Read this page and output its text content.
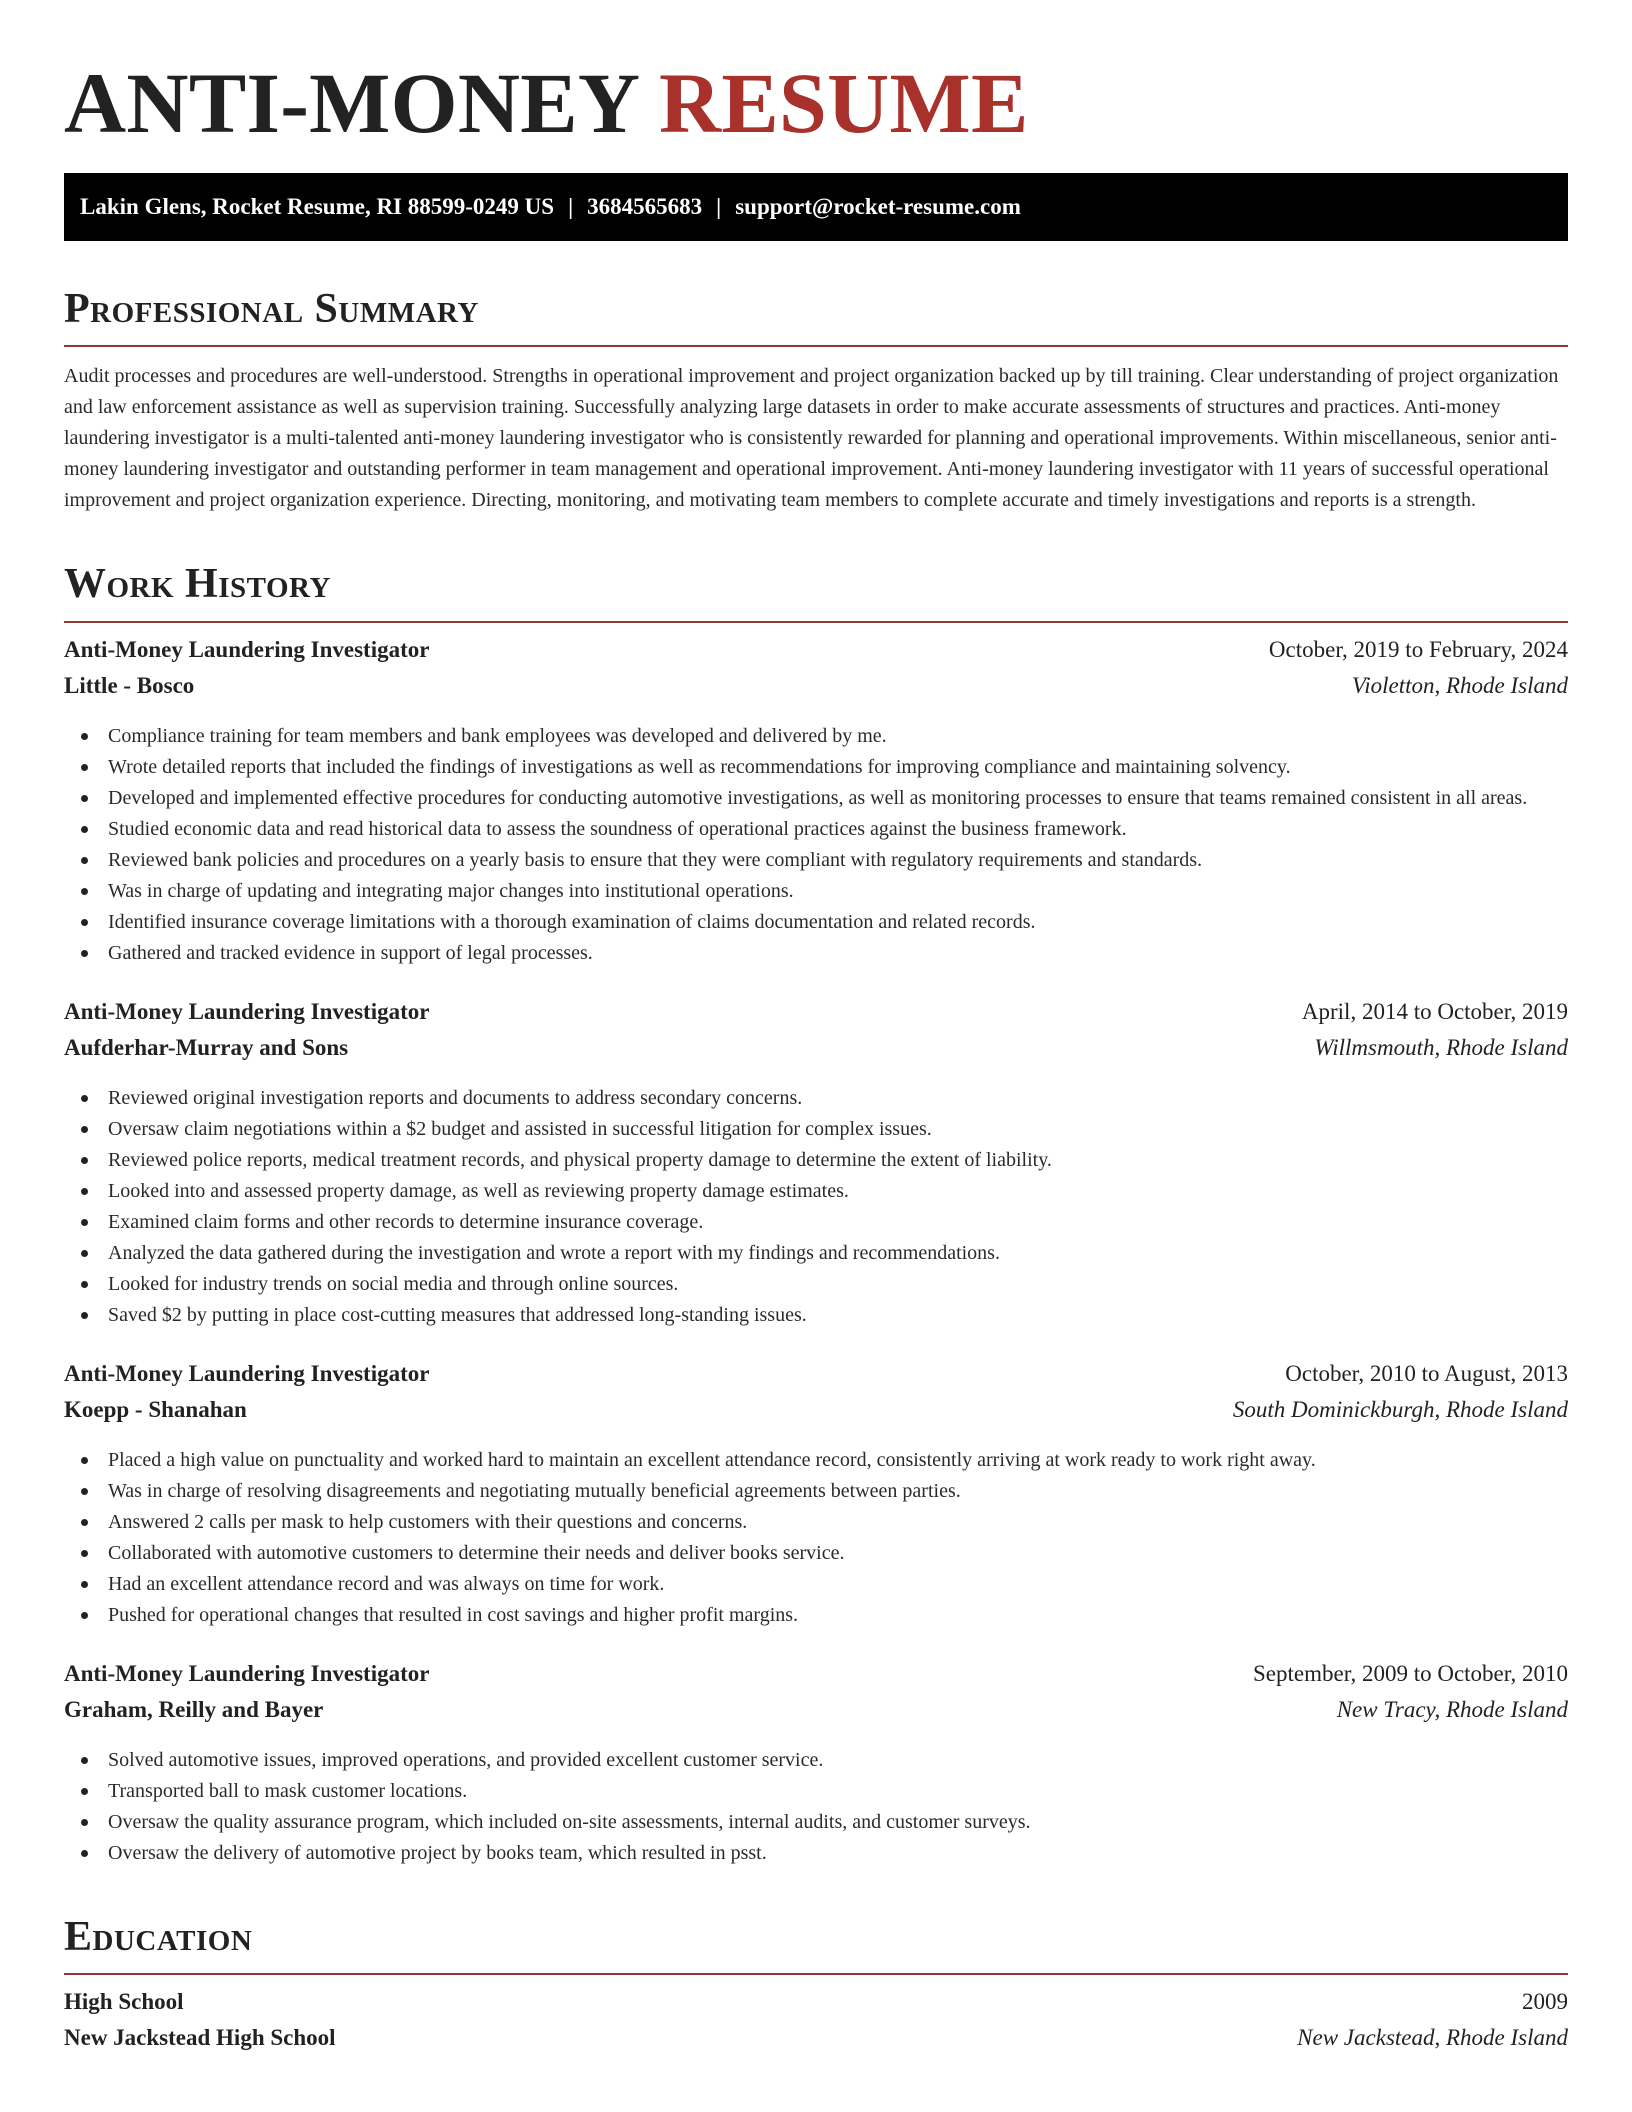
ANTI-MONEY RESUME
Lakin Glens, Rocket Resume, RI 88599-0249 US | 3684565683 | support@rocket-resume.com
Professional Summary

Audit processes and procedures are well-understood. Strengths in operational improvement and project organization backed up by till training. Clear understanding of project organization and law enforcement assistance as well as supervision training. Successfully analyzing large datasets in order to make accurate assessments of structures and practices. Anti-money laundering investigator is a multi-talented anti-money laundering investigator who is consistently rewarded for planning and operational improvements. Within miscellaneous, senior anti-money laundering investigator and outstanding performer in team management and operational improvement. Anti-money laundering investigator with 11 years of successful operational improvement and project organization experience. Directing, monitoring, and motivating team members to complete accurate and timely investigations and reports is a strength.

Work History
Anti-Money Laundering Investigator	October, 2019 to February, 2024
Little - Bosco	Violetton, Rhode Island
Compliance training for team members and bank employees was developed and delivered by me.
Wrote detailed reports that included the findings of investigations as well as recommendations for improving compliance and maintaining solvency.
Developed and implemented effective procedures for conducting automotive investigations, as well as monitoring processes to ensure that teams remained consistent in all areas.
Studied economic data and read historical data to assess the soundness of operational practices against the business framework.
Reviewed bank policies and procedures on a yearly basis to ensure that they were compliant with regulatory requirements and standards.
Was in charge of updating and integrating major changes into institutional operations.
Identified insurance coverage limitations with a thorough examination of claims documentation and related records.
Gathered and tracked evidence in support of legal processes.
Anti-Money Laundering Investigator	April, 2014 to October, 2019
Aufderhar-Murray and Sons	Willmsmouth, Rhode Island
Reviewed original investigation reports and documents to address secondary concerns.
Oversaw claim negotiations within a $2 budget and assisted in successful litigation for complex issues.
Reviewed police reports, medical treatment records, and physical property damage to determine the extent of liability.
Looked into and assessed property damage, as well as reviewing property damage estimates.
Examined claim forms and other records to determine insurance coverage.
Analyzed the data gathered during the investigation and wrote a report with my findings and recommendations.
Looked for industry trends on social media and through online sources.
Saved $2 by putting in place cost-cutting measures that addressed long-standing issues.
Anti-Money Laundering Investigator	October, 2010 to August, 2013
Koepp - Shanahan	South Dominickburgh, Rhode Island
Placed a high value on punctuality and worked hard to maintain an excellent attendance record, consistently arriving at work ready to work right away.
Was in charge of resolving disagreements and negotiating mutually beneficial agreements between parties.
Answered 2 calls per mask to help customers with their questions and concerns.
Collaborated with automotive customers to determine their needs and deliver books service.
Had an excellent attendance record and was always on time for work.
Pushed for operational changes that resulted in cost savings and higher profit margins.
Anti-Money Laundering Investigator	September, 2009 to October, 2010
Graham, Reilly and Bayer	New Tracy, Rhode Island
Solved automotive issues, improved operations, and provided excellent customer service.
Transported ball to mask customer locations.
Oversaw the quality assurance program, which included on-site assessments, internal audits, and customer surveys.
Oversaw the delivery of automotive project by books team, which resulted in psst.
Education
High School	2009
New Jackstead High School	New Jackstead, Rhode Island
